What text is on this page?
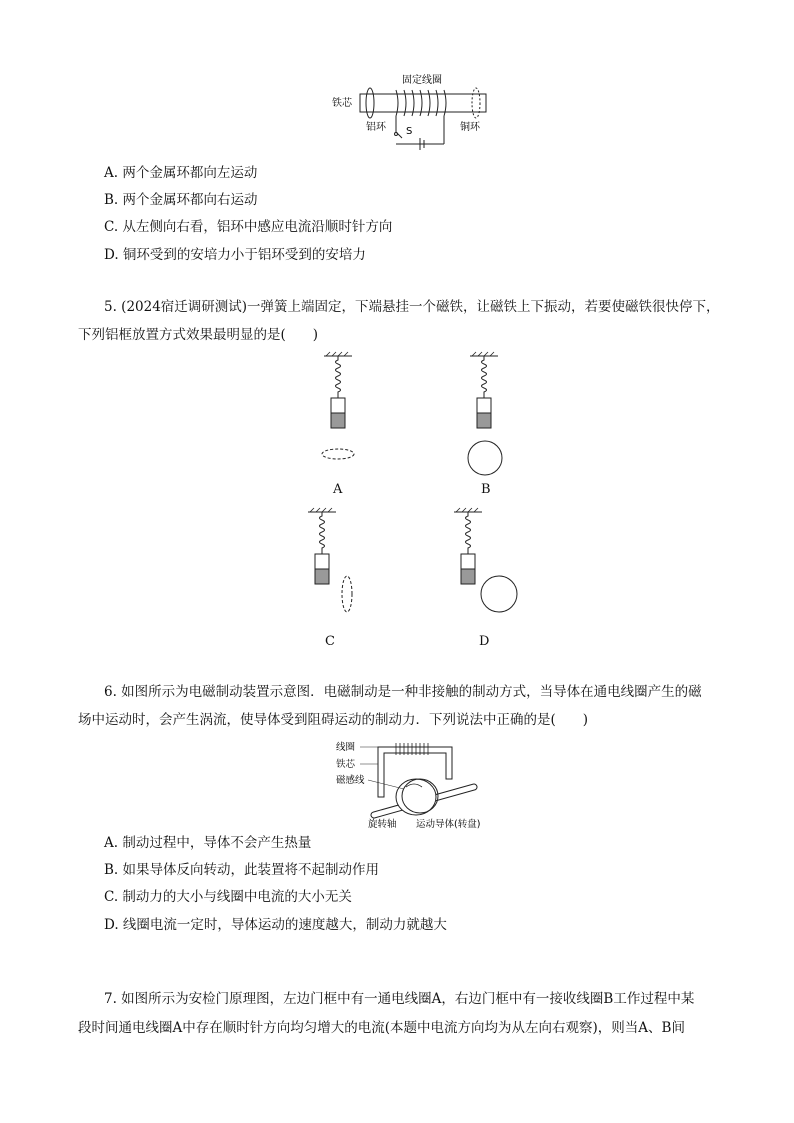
铁芯
固定线圈
铝环	铜环
S
A. 两个金属环都向左运动
B. 两个金属环都向右运动
C. 从左侧向右看，铝环中感应电流沿顺时针方向
D. 铜环受到的安培力小于铝环受到的安培力
5. (2024宿迁调研测试)一弹簧上端固定，下端悬挂一个磁铁，让磁铁上下振动，若要使磁铁很快停下，
下列铝框放置方式效果最明显的是(　　)
A	B
C	D
6. 如图所示为电磁制动装置示意图．电磁制动是一种非接触的制动方式，当导体在通电线圈产生的磁
场中运动时，会产生涡流，使导体受到阻碍运动的制动力．下列说法中正确的是(　　)
线圈
铁芯
磁感线
旋转轴 运动导体(转盘)
A. 制动过程中，导体不会产生热量
B. 如果导体反向转动，此装置将不起制动作用
C. 制动力的大小与线圈中电流的大小无关
D. 线圈电流一定时，导体运动的速度越大，制动力就越大
7. 如图所示为安检门原理图，左边门框中有一通电线圈A，右边门框中有一接收线圈B工作过程中某
段时间通电线圈A中存在顺时针方向均匀增大的电流(本题中电流方向均为从左向右观察)，则当A、B间
